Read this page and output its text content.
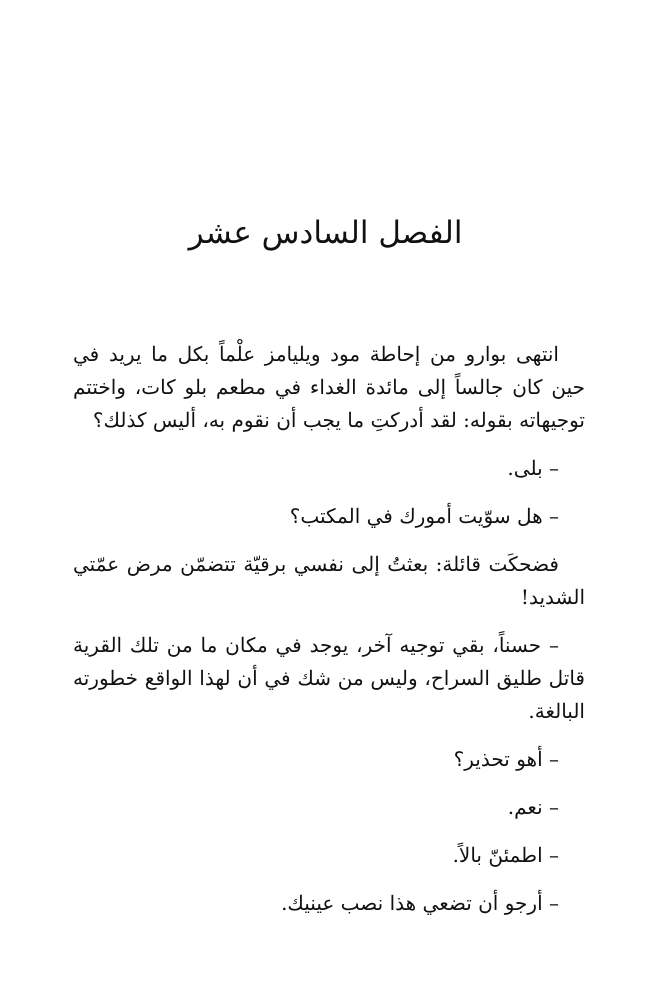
الفصل السادس عشر

انتهى بوارو من إحاطة مود ويليامز علْماً بكل ما يريد في حين كان جالساً إلى مائدة الغداء في مطعم بلو كات، واختتم توجيهاته بقوله: لقد أدركتِ ما يجب أن نقوم به، أليس كذلك؟

– بلى.

– هل سوّيت أمورك في المكتب؟

فضحكَت قائلة: بعثتُ إلى نفسي برقيّة تتضمّن مرض عمّتي الشديد!

– حسناً، بقي توجيه آخر، يوجد في مكان ما من تلك القرية قاتل طليق السراح، وليس من شك في أن لهذا الواقع خطورته البالغة.

– أهو تحذير؟

– نعم.

– اطمئنّ بالاً.

– أرجو أن تضعي هذا نصب عينيك.
